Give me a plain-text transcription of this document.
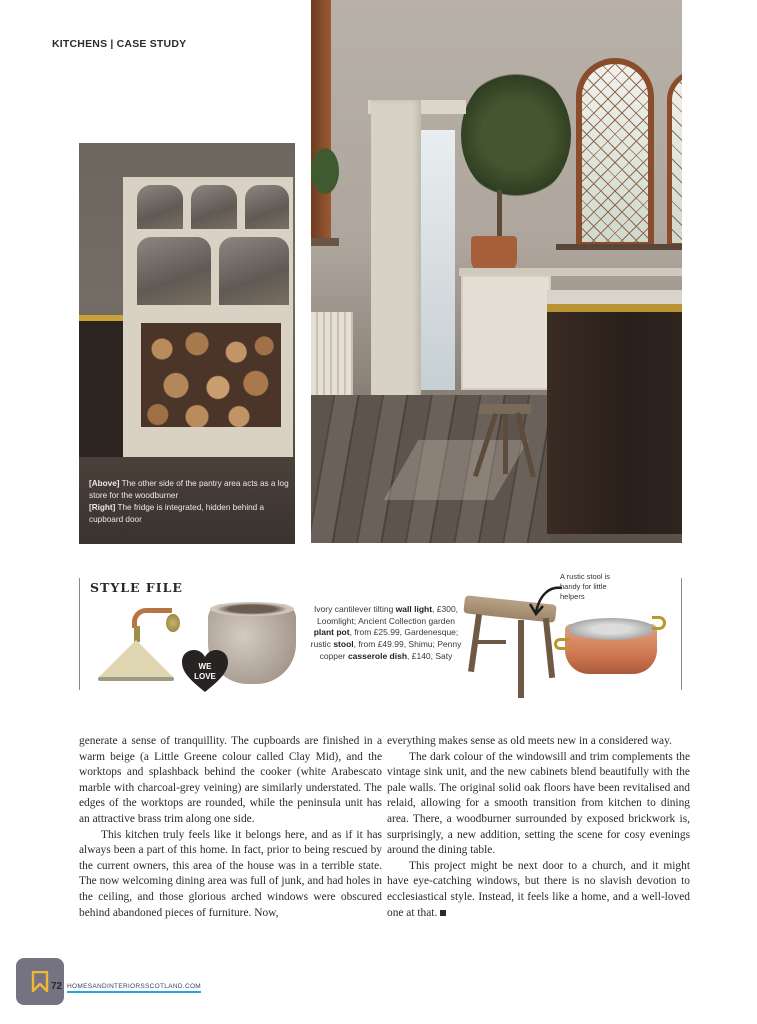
KITCHENS | CASE STUDY
[Above] The other side of the pantry area acts as a log store for the woodburner
[Right] The fridge is integrated, hidden behind a cupboard door
STYLE FILE
WE
LOVE
Ivory cantilever tilting wall light, £300, Loomlight; Ancient Collection garden plant pot, from £25.99, Gardenesque; rustic stool, from £49.99, Shimu; Penny copper casserole dish, £140, Saty
A rustic stool is handy for little helpers

generate a sense of tranquillity. The cupboards are finished in a warm beige (a Little Greene colour called Clay Mid), and the worktops and splashback behind the cooker (white Arabescato marble with charcoal-grey veining) are similarly understated. The edges of the worktops are rounded, while the peninsula unit has an attractive brass trim along one side.

This kitchen truly feels like it belongs here, and as if it has always been a part of this home. In fact, prior to being rescued by the current owners, this area of the house was in a terrible state. The now welcoming dining area was full of junk, and had holes in the ceiling, and those glorious arched windows were obscured behind abandoned pieces of furniture. Now,

everything makes sense as old meets new in a considered way.

The dark colour of the windowsill and trim complements the vintage sink unit, and the new cabinets blend beautifully with the pale walls. The original solid oak floors have been revitalised and relaid, allowing for a smooth transition from kitchen to dining area. There, a woodburner surrounded by exposed brickwork is, surprisingly, a new addition, setting the scene for cosy evenings around the dining table.

This project might be next door to a church, and it might have eye-catching windows, but there is no slavish devotion to ecclesiastical style. Instead, it feels like a home, and a well-loved one at that.

72 HOMESANDINTERIORSSCOTLAND.COM
